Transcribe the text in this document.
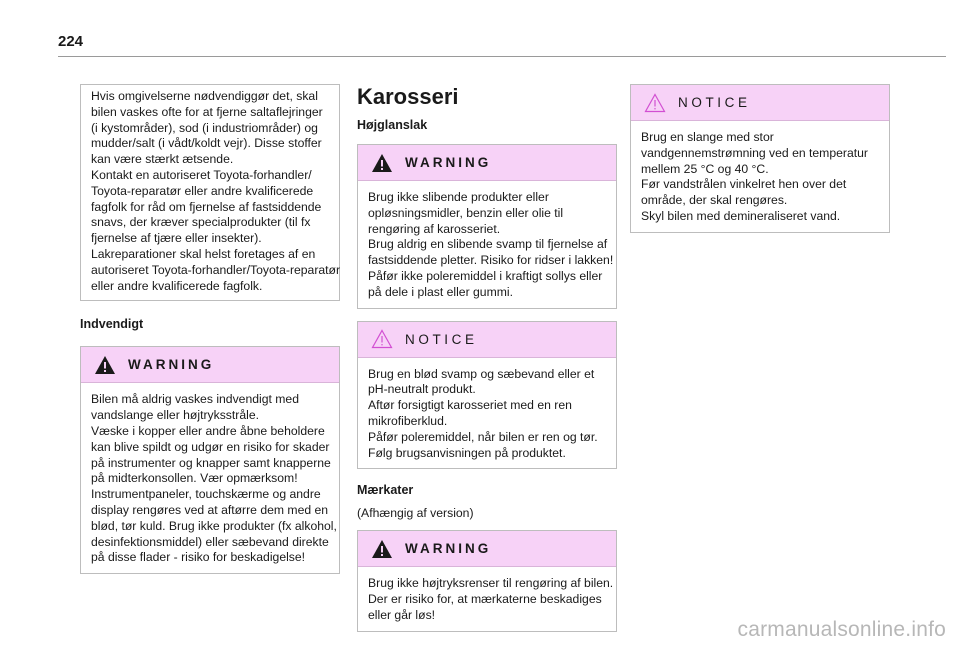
224
Hvis omgivelserne nødvendiggør det, skal
bilen vaskes ofte for at fjerne saltaflejringer
(i kystområder), sod (i industriområder) og
mudder/salt (i vådt/koldt vejr). Disse stoffer
kan være stærkt ætsende.
Kontakt en autoriseret Toyota-forhandler/
Toyota-reparatør eller andre kvalificerede
fagfolk for råd om fjernelse af fastsiddende
snavs, der kræver specialprodukter (til fx
fjernelse af tjære eller insekter).
Lakreparationer skal helst foretages af en
autoriseret Toyota-forhandler/Toyota-reparatør
eller andre kvalificerede fagfolk.
Indvendigt
WARNING
Bilen må aldrig vaskes indvendigt med
vandslange eller højtryksstråle.
Væske i kopper eller andre åbne beholdere
kan blive spildt og udgør en risiko for skader
på instrumenter og knapper samt knapperne
på midterkonsollen. Vær opmærksom!
Instrumentpaneler, touchskærme og andre
display rengøres ved at aftørre dem med en
blød, tør kuld. Brug ikke produkter (fx alkohol,
desinfektionsmiddel) eller sæbevand direkte
på disse flader - risiko for beskadigelse!
Karosseri
Højglanslak
WARNING
Brug ikke slibende produkter eller
opløsningsmidler, benzin eller olie til
rengøring af karosseriet.
Brug aldrig en slibende svamp til fjernelse af
fastsiddende pletter. Risiko for ridser i lakken!
Påfør ikke poleremiddel i kraftigt sollys eller
på dele i plast eller gummi.
NOTICE
Brug en blød svamp og sæbevand eller et
pH-neutralt produkt.
Aftør forsigtigt karosseriet med en ren
mikrofiberklud.
Påfør poleremiddel, når bilen er ren og tør.
Følg brugsanvisningen på produktet.
Mærkater
(Afhængig af version)
WARNING
Brug ikke højtryksrenser til rengøring af bilen.
Der er risiko for, at mærkaterne beskadiges
eller går løs!
NOTICE
Brug en slange med stor
vandgennemstrømning ved en temperatur
mellem 25 °C og 40 °C.
Før vandstrålen vinkelret hen over det
område, der skal rengøres.
Skyl bilen med demineraliseret vand.
carmanualsonline.info
